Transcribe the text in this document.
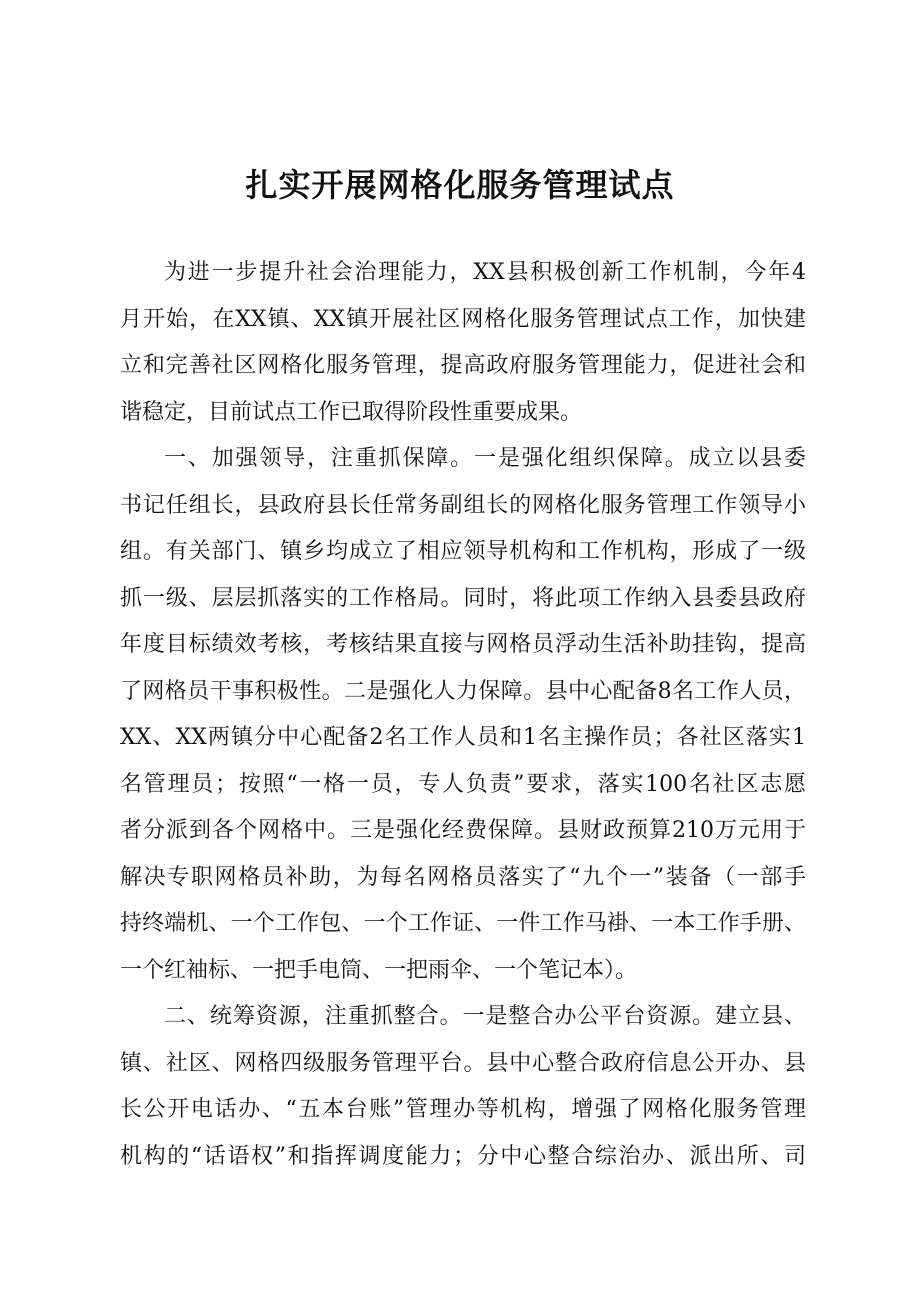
扎实开展网格化服务管理试点
为进一步提升社会治理能力，XX县积极创新工作机制，今年4
月开始，在XX镇、XX镇开展社区网格化服务管理试点工作，加快建
立和完善社区网格化服务管理，提高政府服务管理能力，促进社会和
谐稳定，目前试点工作已取得阶段性重要成果。
一、加强领导，注重抓保障。一是强化组织保障。成立以县委
书记任组长，县政府县长任常务副组长的网格化服务管理工作领导小
组。有关部门、镇乡均成立了相应领导机构和工作机构，形成了一级
抓一级、层层抓落实的工作格局。同时，将此项工作纳入县委县政府
年度目标绩效考核，考核结果直接与网格员浮动生活补助挂钩，提高
了网格员干事积极性。二是强化人力保障。县中心配备8名工作人员，
XX、XX两镇分中心配备2名工作人员和1名主操作员；各社区落实1
名管理员；按照“一格一员，专人负责”要求，落实100名社区志愿
者分派到各个网格中。三是强化经费保障。县财政预算210万元用于
解决专职网格员补助，为每名网格员落实了“九个一”装备（一部手
持终端机、一个工作包、一个工作证、一件工作马褂、一本工作手册、
一个红袖标、一把手电筒、一把雨伞、一个笔记本）。
二、统筹资源，注重抓整合。一是整合办公平台资源。建立县、
镇、社区、网格四级服务管理平台。县中心整合政府信息公开办、县
长公开电话办、“五本台账”管理办等机构，增强了网格化服务管理
机构的“话语权”和指挥调度能力；分中心整合综治办、派出所、司
